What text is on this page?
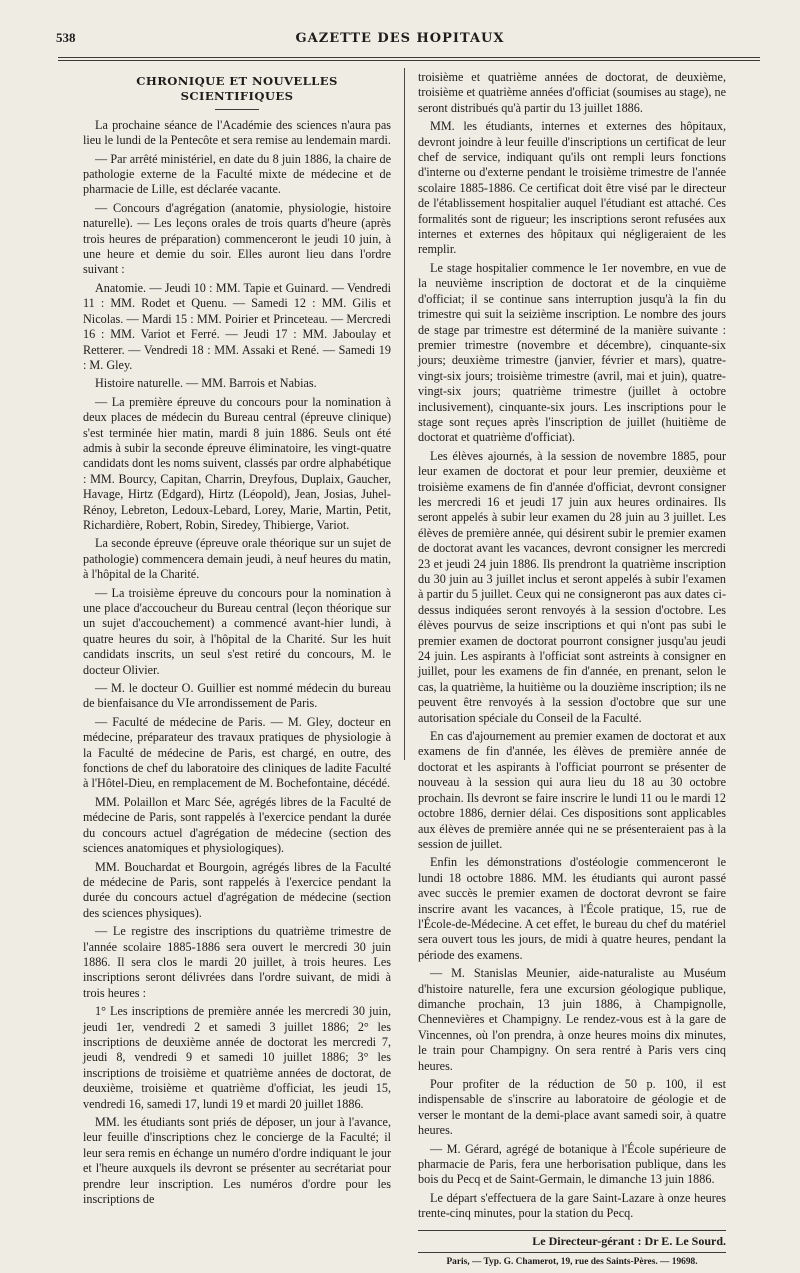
538	GAZETTE DES HOPITAUX
CHRONIQUE ET NOUVELLES SCIENTIFIQUES

La prochaine séance de l'Académie des sciences n'aura pas lieu le lundi de la Pentecôte et sera remise au lendemain mardi.

— Par arrêté ministériel, en date du 8 juin 1886, la chaire de pathologie externe de la Faculté mixte de médecine et de pharmacie de Lille, est déclarée vacante.

— Concours d'agrégation (anatomie, physiologie, histoire naturelle). — Les leçons orales de trois quarts d'heure (après trois heures de préparation) commenceront le jeudi 10 juin, à une heure et demie du soir. Elles auront lieu dans l'ordre suivant :

Anatomie. — Jeudi 10 : MM. Tapie et Guinard. — Vendredi 11 : MM. Rodet et Quenu. — Samedi 12 : MM. Gilis et Nicolas. — Mardi 15 : MM. Poirier et Princeteau. — Mercredi 16 : MM. Variot et Ferré. — Jeudi 17 : MM. Jaboulay et Retterer. — Vendredi 18 : MM. Assaki et René. — Samedi 19 : M. Gley.

Histoire naturelle. — MM. Barrois et Nabias.

— La première épreuve du concours pour la nomination à deux places de médecin du Bureau central (épreuve clinique) s'est terminée hier matin, mardi 8 juin 1886. Seuls ont été admis à subir la seconde épreuve éliminatoire, les vingt-quatre candidats dont les noms suivent, classés par ordre alphabétique : MM. Bourcy, Capitan, Charrin, Dreyfous, Duplaix, Gaucher, Havage, Hirtz (Edgard), Hirtz (Léopold), Jean, Josias, Juhel-Rénoy, Lebreton, Ledoux-Lebard, Lorey, Marie, Martin, Petit, Richardière, Robert, Robin, Siredey, Thibierge, Variot.

La seconde épreuve (épreuve orale théorique sur un sujet de pathologie) commencera demain jeudi, à neuf heures du matin, à l'hôpital de la Charité.

— La troisième épreuve du concours pour la nomination à une place d'accoucheur du Bureau central (leçon théorique sur un sujet d'accouchement) a commencé avant-hier lundi, à quatre heures du soir, à l'hôpital de la Charité. Sur les huit candidats inscrits, un seul s'est retiré du concours, M. le docteur Olivier.

— M. le docteur O. Guillier est nommé médecin du bureau de bienfaisance du VIe arrondissement de Paris.

— Faculté de médecine de Paris. — M. Gley, docteur en médecine, préparateur des travaux pratiques de physiologie à la Faculté de médecine de Paris, est chargé, en outre, des fonctions de chef du laboratoire des cliniques de ladite Faculté à l'Hôtel-Dieu, en remplacement de M. Bochefontaine, décédé.

MM. Polaillon et Marc Sée, agrégés libres de la Faculté de médecine de Paris, sont rappelés à l'exercice pendant la durée du concours actuel d'agrégation de médecine (section des sciences anatomiques et physiologiques).

MM. Bouchardat et Bourgoin, agrégés libres de la Faculté de médecine de Paris, sont rappelés à l'exercice pendant la durée du concours actuel d'agrégation de médecine (section des sciences physiques).

— Le registre des inscriptions du quatrième trimestre de l'année scolaire 1885-1886 sera ouvert le mercredi 30 juin 1886. Il sera clos le mardi 20 juillet, à trois heures. Les inscriptions seront délivrées dans l'ordre suivant, de midi à trois heures :

1° Les inscriptions de première année les mercredi 30 juin, jeudi 1er, vendredi 2 et samedi 3 juillet 1886; 2° les inscriptions de deuxième année de doctorat les mercredi 7, jeudi 8, vendredi 9 et samedi 10 juillet 1886; 3° les inscriptions de troisième et quatrième années de doctorat, de deuxième, troisième et quatrième d'officiat, les jeudi 15, vendredi 16, samedi 17, lundi 19 et mardi 20 juillet 1886.

MM. les étudiants sont priés de déposer, un jour à l'avance, leur feuille d'inscriptions chez le concierge de la Faculté; il leur sera remis en échange un numéro d'ordre indiquant le jour et l'heure auxquels ils devront se présenter au secrétariat pour prendre leur inscription. Les numéros d'ordre pour les inscriptions de

troisième et quatrième années de doctorat, de deuxième, troisième et quatrième années d'officiat (soumises au stage), ne seront distribués qu'à partir du 13 juillet 1886.

MM. les étudiants, internes et externes des hôpitaux, devront joindre à leur feuille d'inscriptions un certificat de leur chef de service, indiquant qu'ils ont rempli leurs fonctions d'interne ou d'externe pendant le troisième trimestre de l'année scolaire 1885-1886. Ce certificat doit être visé par le directeur de l'établissement hospitalier auquel l'étudiant est attaché. Ces formalités sont de rigueur; les inscriptions seront refusées aux internes et externes des hôpitaux qui négligeraient de les remplir.

Le stage hospitalier commence le 1er novembre, en vue de la neuvième inscription de doctorat et de la cinquième d'officiat; il se continue sans interruption jusqu'à la fin du trimestre qui suit la seizième inscription. Le nombre des jours de stage par trimestre est déterminé de la manière suivante : premier trimestre (novembre et décembre), cinquante-six jours; deuxième trimestre (janvier, février et mars), quatre-vingt-six jours; troisième trimestre (avril, mai et juin), quatre-vingt-six jours; quatrième trimestre (juillet à octobre inclusivement), cinquante-six jours. Les inscriptions pour le stage sont reçues après l'inscription de juillet (huitième de doctorat et quatrième d'officiat).

Les élèves ajournés, à la session de novembre 1885, pour leur examen de doctorat et pour leur premier, deuxième et troisième examens de fin d'année d'officiat, devront consigner les mercredi 16 et jeudi 17 juin aux heures ordinaires. Ils seront appelés à subir leur examen du 28 juin au 3 juillet. Les élèves de première année, qui désirent subir le premier examen de doctorat avant les vacances, devront consigner les mercredi 23 et jeudi 24 juin 1886. Ils prendront la quatrième inscription du 30 juin au 3 juillet inclus et seront appelés à subir l'examen à partir du 5 juillet. Ceux qui ne consigneront pas aux dates ci-dessus indiquées seront renvoyés à la session d'octobre. Les élèves pourvus de seize inscriptions et qui n'ont pas subi le premier examen de doctorat pourront consigner jusqu'au jeudi 24 juin. Les aspirants à l'officiat sont astreints à consigner en juillet, pour les examens de fin d'année, en prenant, selon le cas, la quatrième, la huitième ou la douzième inscription; ils ne peuvent être renvoyés à la session d'octobre que sur une autorisation spéciale du Conseil de la Faculté.

En cas d'ajournement au premier examen de doctorat et aux examens de fin d'année, les élèves de première année de doctorat et les aspirants à l'officiat pourront se présenter de nouveau à la session qui aura lieu du 18 au 30 octobre prochain. Ils devront se faire inscrire le lundi 11 ou le mardi 12 octobre 1886, dernier délai. Ces dispositions sont applicables aux élèves de première année qui ne se présenteraient pas à la session de juillet.

Enfin les démonstrations d'ostéologie commenceront le lundi 18 octobre 1886. MM. les étudiants qui auront passé avec succès le premier examen de doctorat devront se faire inscrire avant les vacances, à l'École pratique, 15, rue de l'École-de-Médecine. A cet effet, le bureau du chef du matériel sera ouvert tous les jours, de midi à quatre heures, pendant la période des examens.

— M. Stanislas Meunier, aide-naturaliste au Muséum d'histoire naturelle, fera une excursion géologique publique, dimanche prochain, 13 juin 1886, à Champignolle, Chennevières et Champigny. Le rendez-vous est à la gare de Vincennes, où l'on prendra, à onze heures moins dix minutes, le train pour Champigny. On sera rentré à Paris vers cinq heures.

Pour profiter de la réduction de 50 p. 100, il est indispensable de s'inscrire au laboratoire de géologie et de verser le montant de la demi-place avant samedi soir, à quatre heures.

— M. Gérard, agrégé de botanique à l'École supérieure de pharmacie de Paris, fera une herborisation publique, dans les bois du Pecq et de Saint-Germain, le dimanche 13 juin 1886.

Le départ s'effectuera de la gare Saint-Lazare à onze heures trente-cinq minutes, pour la station du Pecq.

Le Directeur-gérant : Dr E. Le Sourd.

Paris, — Typ. G. Chamerot, 19, rue des Saints-Pères. — 19698.
